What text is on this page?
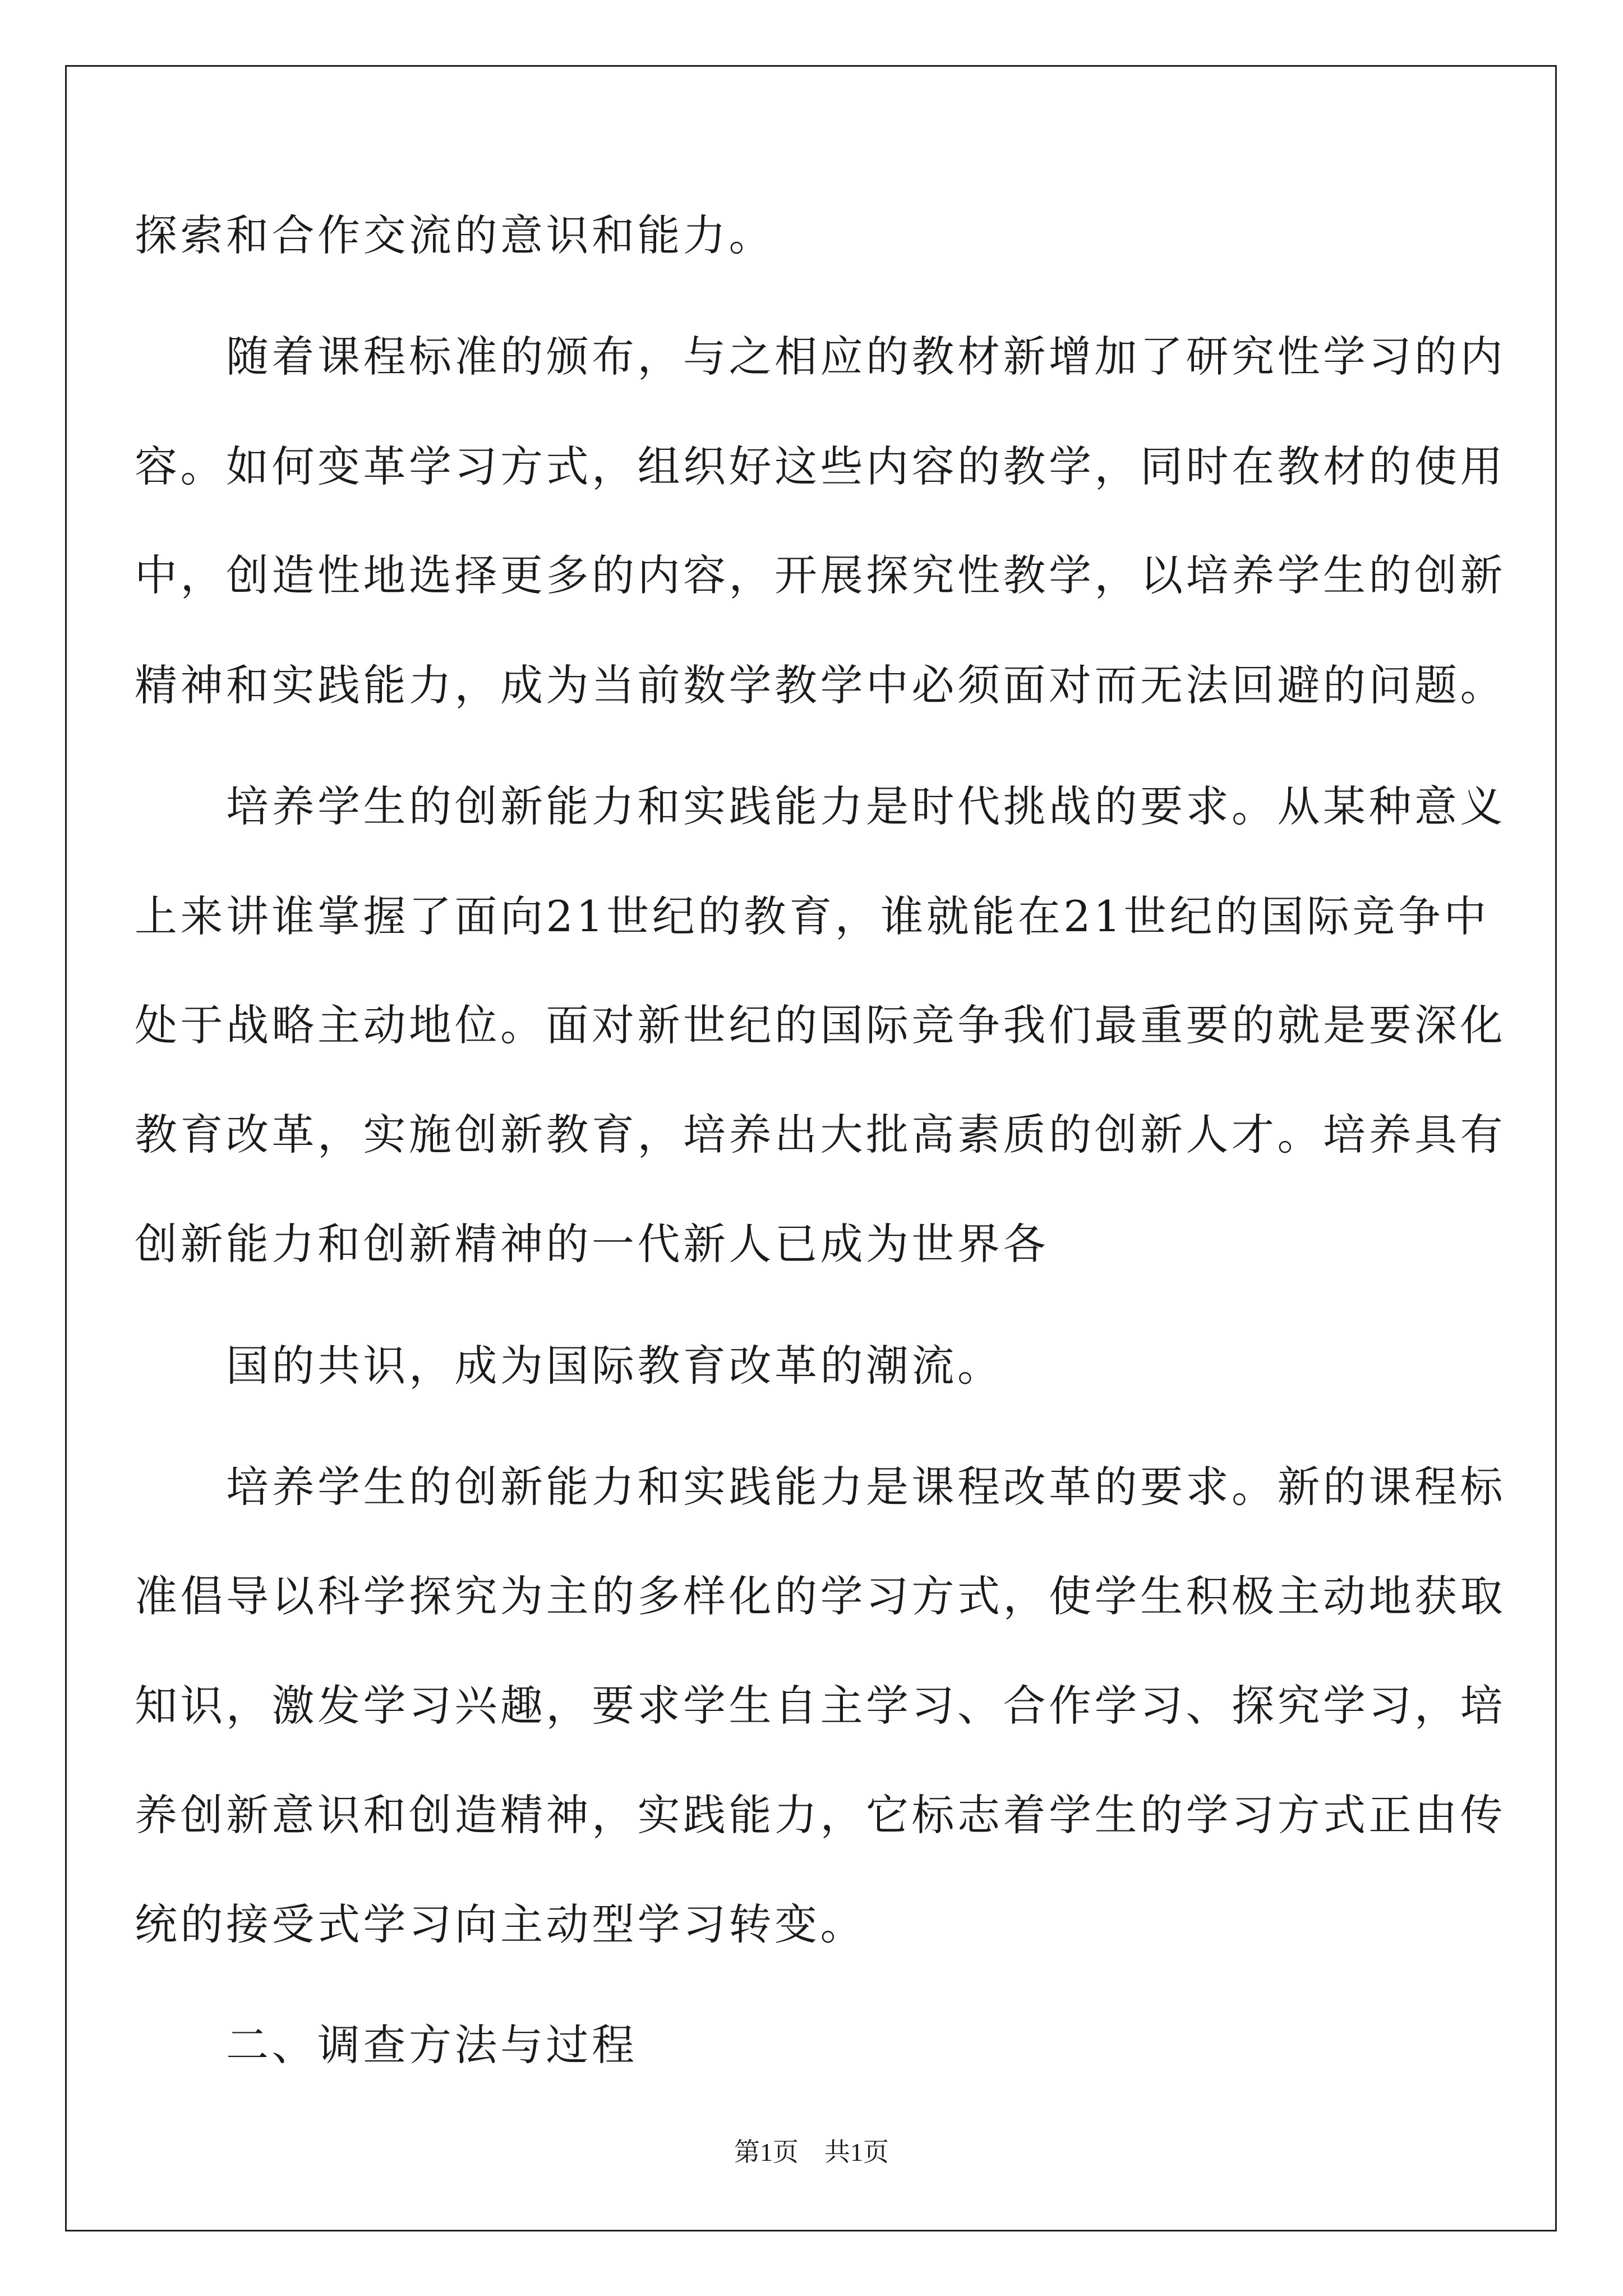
探索和合作交流的意识和能力。
随着课程标准的颁布，与之相应的教材新增加了研究性学习的内
容。如何变革学习方式，组织好这些内容的教学，同时在教材的使用
中，创造性地选择更多的内容，开展探究性教学，以培养学生的创新
精神和实践能力，成为当前数学教学中必须面对而无法回避的问题。
培养学生的创新能力和实践能力是时代挑战的要求。从某种意义
上来讲谁掌握了面向21世纪的教育，谁就能在21世纪的国际竞争中
处于战略主动地位。面对新世纪的国际竞争我们最重要的就是要深化
教育改革，实施创新教育，培养出大批高素质的创新人才。培养具有
创新能力和创新精神的一代新人已成为世界各
国的共识，成为国际教育改革的潮流。
培养学生的创新能力和实践能力是课程改革的要求。新的课程标
准倡导以科学探究为主的多样化的学习方式，使学生积极主动地获取
知识，激发学习兴趣，要求学生自主学习、合作学习、探究学习，培
养创新意识和创造精神，实践能力，它标志着学生的学习方式正由传
统的接受式学习向主动型学习转变。
二、调查方法与过程
第1页　共1页
